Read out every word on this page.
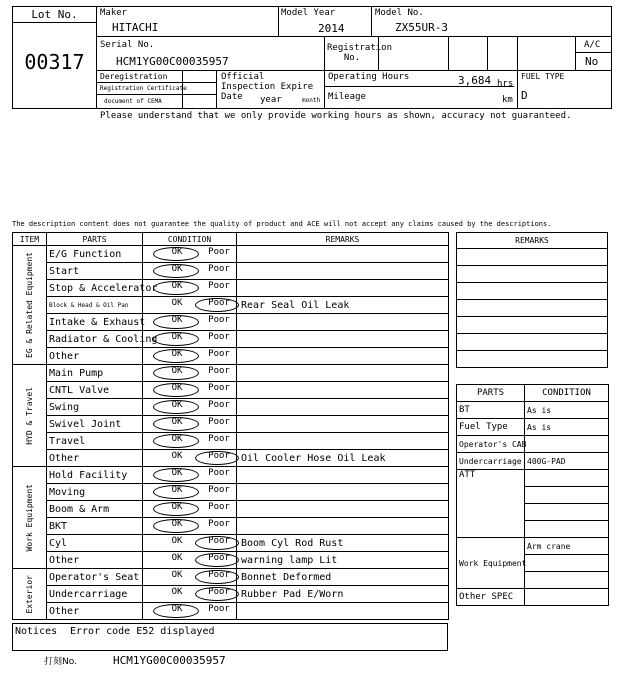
Lot No.
00317
Maker
HITACHI
Model Year
2014
Model No.
ZX55UR-3
Serial No.
HCM1YG00C00035957
Registration No.
A/C
No
Deregistration
Registration Certificate
document of CEMA
Official Inspection Expire Date	year	month
Operating Hours	3,684 hrs
Mileage	km
FUEL TYPE
D
Please understand that we only provide working hours as shown, accuracy not guaranteed.
The description content does not guarantee the quality of product and ACE will not accept any claims caused by the descriptions.
ITEM	PARTS	CONDITION	REMARKS

EG & Related Equipment	E/G Function	OK Poor	

	Start	OK Poor	

	Stop & Accelerator	OK Poor	

	Block & Head & Oil Pan	OK Poor	Rear Seal Oil Leak
	Intake & Exhaust	OK Poor	

	Radiator & Cooling	OK Poor	

	Other	OK Poor	

HYD & Travel	Main Pump	OK Poor	

	CNTL Valve	OK Poor	

	Swing	OK Poor	

	Swivel Joint	OK Poor	

	Travel	OK Poor	

	Other	OK Poor	Oil Cooler Hose Oil Leak

Work Equipment	Hold Facility	OK Poor	

	Moving	OK Poor	

	Boom & Arm	OK Poor	

	BKT	OK Poor	

	Cyl	OK Poor	Boom Cyl Rod Rust
	Other	OK Poor	warning lamp Lit

Exterior	Operator's Seat	OK Poor	Bonnet Deformed
	Undercarriage	OK Poor	Rubber Pad E/Worn
	Other	OK Poor	

Notices Error code E52 displayed
打刻No.	HCM1YG00C00035957
REMARKS

PARTS	CONDITION
BT	As is
Fuel Type	As is
Operator's CAB	
Undercarriage	400G-PAD
ATT	

Work Equipment	Arm crane

Other SPEC	
